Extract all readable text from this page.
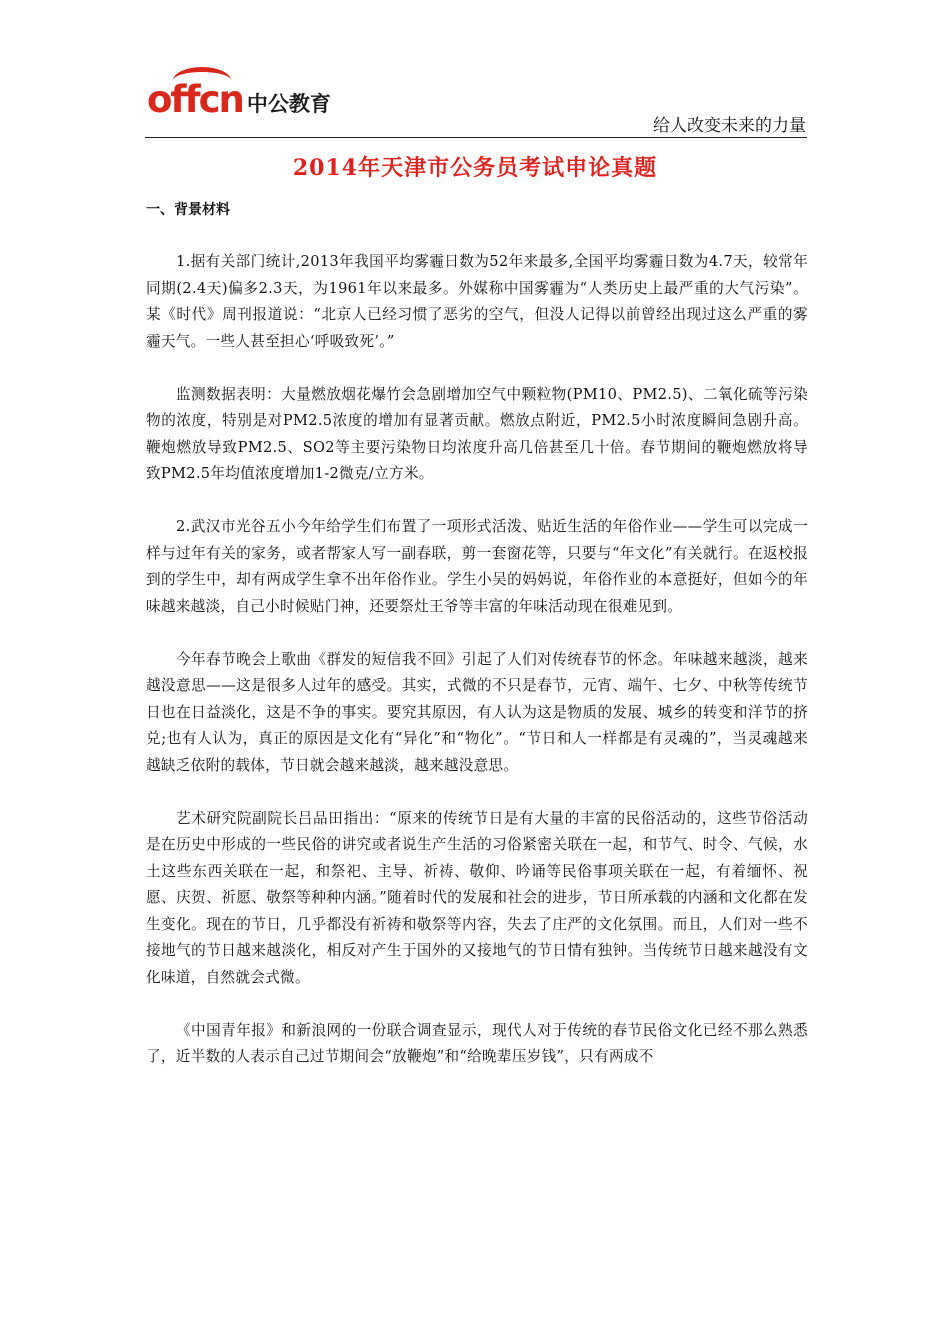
offcn 中公教育
给人改变未来的力量
2014年天津市公务员考试申论真题
一、背景材料

1.据有关部门统计,2013年我国平均雾霾日数为52年来最多,全国平均雾霾日数为4.7天，较常年同期(2.4天)偏多2.3天，为1961年以来最多。外媒称中国雾霾为“人类历史上最严重的大气污染”。某《时代》周刊报道说：“北京人已经习惯了恶劣的空气，但没人记得以前曾经出现过这么严重的雾霾天气。一些人甚至担心‘呼吸致死’。”

监测数据表明：大量燃放烟花爆竹会急剧增加空气中颗粒物(PM10、PM2.5)、二氧化硫等污染物的浓度，特别是对PM2.5浓度的增加有显著贡献。燃放点附近，PM2.5小时浓度瞬间急剧升高。鞭炮燃放导致PM2.5、SO2等主要污染物日均浓度升高几倍甚至几十倍。春节期间的鞭炮燃放将导致PM2.5年均值浓度增加1-2微克/立方米。

2.武汉市光谷五小今年给学生们布置了一项形式活泼、贴近生活的年俗作业——学生可以完成一样与过年有关的家务，或者帮家人写一副春联，剪一套窗花等，只要与“年文化”有关就行。在返校报到的学生中，却有两成学生拿不出年俗作业。学生小吴的妈妈说，年俗作业的本意挺好，但如今的年味越来越淡，自己小时候贴门神，还要祭灶王爷等丰富的年味活动现在很难见到。

今年春节晚会上歌曲《群发的短信我不回》引起了人们对传统春节的怀念。年味越来越淡，越来越没意思——这是很多人过年的感受。其实，式微的不只是春节，元宵、端午、七夕、中秋等传统节日也在日益淡化，这是不争的事实。要究其原因，有人认为这是物质的发展、城乡的转变和洋节的挤兑;也有人认为，真正的原因是文化有“异化”和“物化”。“节日和人一样都是有灵魂的”，当灵魂越来越缺乏依附的载体，节日就会越来越淡，越来越没意思。

艺术研究院副院长吕品田指出：“原来的传统节日是有大量的丰富的民俗活动的，这些节俗活动是在历史中形成的一些民俗的讲究或者说生产生活的习俗紧密关联在一起，和节气、时令、气候，水土这些东西关联在一起，和祭祀、主导、祈祷、敬仰、吟诵等民俗事项关联在一起，有着缅怀、祝愿、庆贺、祈愿、敬祭等种种内涵。”随着时代的发展和社会的进步，节日所承载的内涵和文化都在发生变化。现在的节日，几乎都没有祈祷和敬祭等内容，失去了庄严的文化氛围。而且，人们对一些不接地气的节日越来越淡化，相反对产生于国外的又接地气的节日情有独钟。当传统节日越来越没有文化味道，自然就会式微。

《中国青年报》和新浪网的一份联合调查显示，现代人对于传统的春节民俗文化已经不那么熟悉了，近半数的人表示自己过节期间会“放鞭炮”和“给晚辈压岁钱”，只有两成不
